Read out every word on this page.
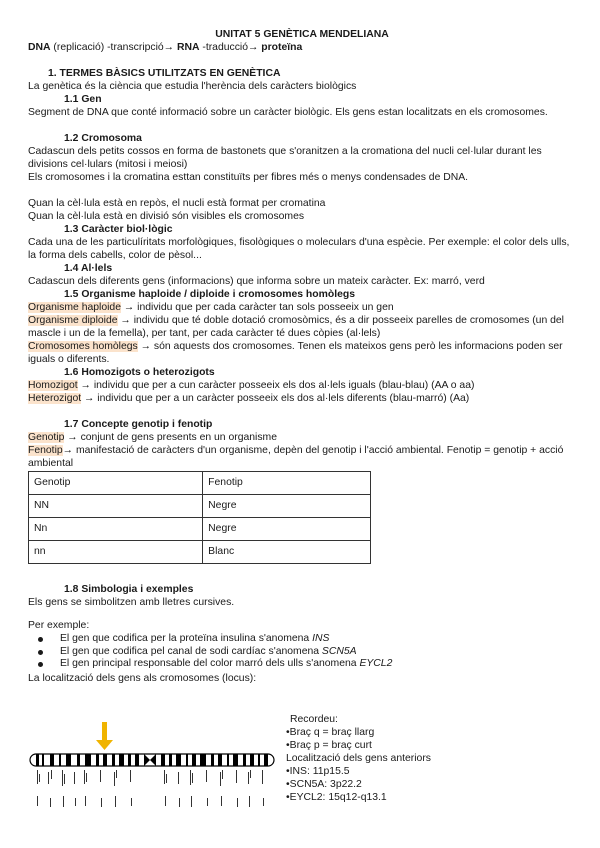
UNITAT 5 GENÈTICA MENDELIANA
DNA (replicació) -transcripció→ RNA -traducció→ proteïna
1. TERMES BÀSICS UTILITZATS EN GENÈTICA
La genètica és la ciència que estudia l'herència dels caràcters biològics
1.1 Gen
Segment de DNA que conté informació sobre un caràcter biològic. Els gens estan localitzats en els cromosomes.
1.2 Cromosoma
Cadascun dels petits cossos en forma de bastonets que s'oranitzen a la cromationa del nucli cel·lular durant les divisions cel·lulars (mitosi i meiosi)
Els cromosomes i la cromatina esttan constituïts per fibres més o menys condensades de DNA.
Quan la cèl·lula està en repòs, el nucli està format per cromatina
Quan la cèl·lula està en divisió són visibles els cromosomes
1.3 Caràcter biol·lògic
Cada una de les particulíritats morfològiques, fisològiques o moleculars d'una espècie. Per exemple: el color dels ulls, la forma dels cabells, color de pèsol...
1.4 Al·lels
Cadascun dels diferents gens (informacions) que informa sobre un mateix caràcter. Ex: marró, verd
1.5 Organisme haploide / diploide i cromosomes homòlegs
Organisme haploide → individu que per cada caràcter tan sols posseeix un gen
Organisme diploide → individu que té doble dotació cromosòmics, és a dir posseeix parelles de cromosomes (un del mascle i un de la femella), per tant, per cada caràcter té dues còpies (al·lels)
Cromosomes homòlegs → són aquests dos cromosomes. Tenen els mateixos gens però les informacions poden ser iguals o diferents.
1.6 Homozigots o heterozigots
Homozigot → individu que per a cun caràcter posseeix els dos al·lels iguals (blau-blau) (AA o aa)
Heterozigot → individu que per a un caràcter posseeix els dos al·lels diferents (blau-marró) (Aa)
1.7 Concepte genotip i fenotip
Genotip → conjunt de gens presents en un organisme
Fenotip→ manifestació de caràcters d'un organisme, depèn del genotip i l'acció ambiental. Fenotip = genotip + acció ambiental
Genotip	Fenotip
NN	Negre
Nn	Negre
nn	Blanc
1.8 Simbologia i exemples
Els gens se simbolitzen amb lletres cursives.
Per exemple:
El gen que codifica per la proteïna insulina s'anomena INS
El gen que codifica pel canal de sodi cardíac s'anomena SCN5A
El gen principal responsable del color marró dels ulls s'anomena EYCL2
La localització dels gens als cromosomes (locus):
Recordeu:
•Braç q = braç llarg
•Braç p = braç curt
Localització dels gens anteriors
•INS: 11p15.5
•SCN5A: 3p22.2
•EYCL2: 15q12-q13.1
